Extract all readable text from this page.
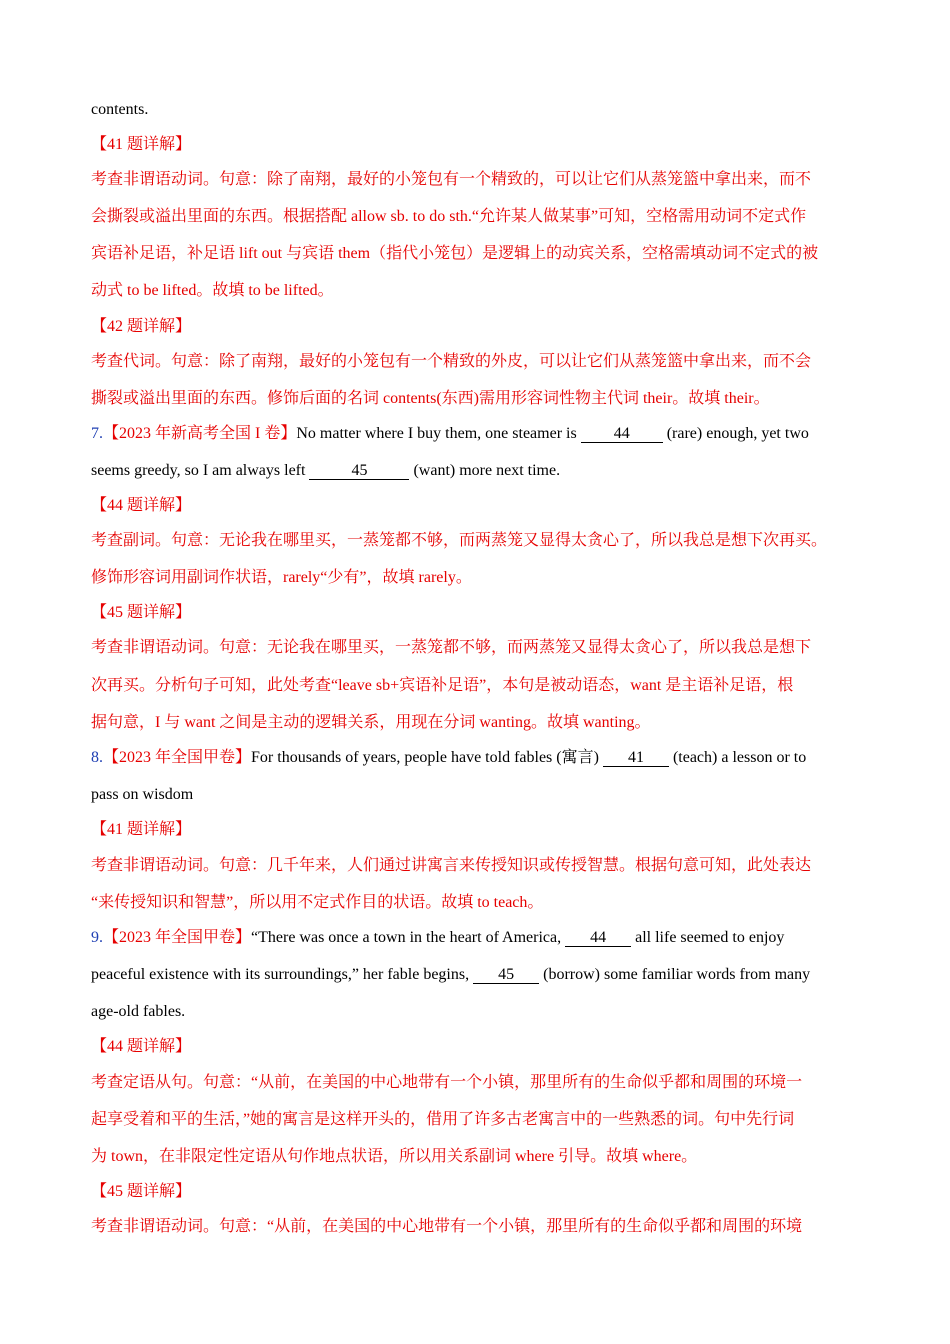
contents.
【41 题详解】
考查非谓语动词。句意：除了南翔，最好的小笼包有一个精致的，可以让它们从蒸笼篮中拿出来，而不
会撕裂或溢出里面的东西。根据搭配 allow sb. to do sth.“允许某人做某事”可知，空格需用动词不定式作
宾语补足语，补足语 lift out 与宾语 them（指代小笼包）是逻辑上的动宾关系，空格需填动词不定式的被
动式 to be lifted。故填 to be lifted。
【42 题详解】
考查代词。句意：除了南翔，最好的小笼包有一个精致的外皮，可以让它们从蒸笼篮中拿出来，而不会
撕裂或溢出里面的东西。修饰后面的名词 contents(东西)需用形容词性物主代词 their。故填 their。
7.【2023 年新高考全国 I 卷】No matter where I buy them, one steamer is 44 (rare) enough, yet two
seems greedy, so I am always left	45	(want) more next time.
【44 题详解】
考查副词。句意：无论我在哪里买，一蒸笼都不够，而两蒸笼又显得太贪心了，所以我总是想下次再买。
修饰形容词用副词作状语，rarely“少有”，故填 rarely。
【45 题详解】
考查非谓语动词。句意：无论我在哪里买，一蒸笼都不够，而两蒸笼又显得太贪心了，所以我总是想下
次再买。分析句子可知，此处考查“leave sb+宾语补足语”，本句是被动语态，want 是主语补足语，根
据句意，I 与 want 之间是主动的逻辑关系，用现在分词 wanting。故填 wanting。
8.【2023 年全国甲卷】For thousands of years, people have told fables (寓言) 41 (teach) a lesson or to
pass on wisdom
【41 题详解】
考查非谓语动词。句意：几千年来，人们通过讲寓言来传授知识或传授智慧。根据句意可知，此处表达
“来传授知识和智慧”，所以用不定式作目的状语。故填 to teach。
9.【2023 年全国甲卷】“There was once a town in the heart of America, 44 all life seemed to enjoy
peaceful existence with its surroundings,” her fable begins, 45 (borrow) some familiar words from many
age-old fables.
【44 题详解】
考查定语从句。句意：“从前，在美国的中心地带有一个小镇，那里所有的生命似乎都和周围的环境一
起享受着和平的生活，”她的寓言是这样开头的，借用了许多古老寓言中的一些熟悉的词。句中先行词
为 town，在非限定性定语从句作地点状语，所以用关系副词 where 引导。故填 where。
【45 题详解】
考查非谓语动词。句意：“从前，在美国的中心地带有一个小镇，那里所有的生命似乎都和周围的环境
